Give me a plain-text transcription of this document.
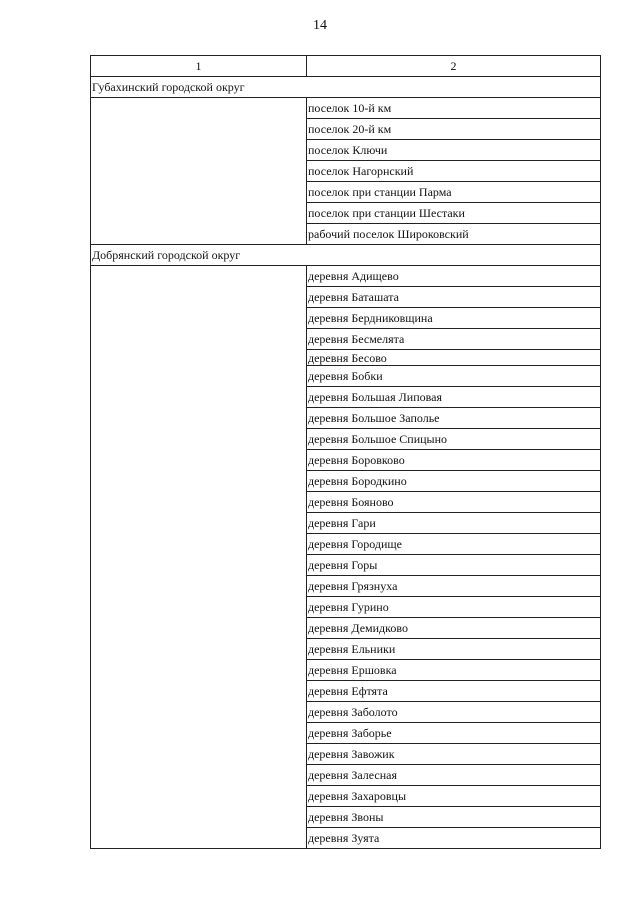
14
1	2
Губахинский городской округ
поселок 10-й км
поселок 20-й км
поселок Ключи
поселок Нагорнский
поселок при станции Парма
поселок при станции Шестаки
рабочий поселок Широковский
Добрянский городской округ
деревня Адищево
деревня Баташата
деревня Бердниковщина
деревня Бесмелята
деревня Бесово
деревня Бобки
деревня Большая Липовая
деревня Большое Заполье
деревня Большое Спицыно
деревня Боровково
деревня Бородкино
деревня Бояново
деревня Гари
деревня Городище
деревня Горы
деревня Грязнуха
деревня Гурино
деревня Демидково
деревня Ельники
деревня Ершовка
деревня Ефтята
деревня Заболото
деревня Заборье
деревня Завожик
деревня Залесная
деревня Захаровцы
деревня Звоны
деревня Зуята
